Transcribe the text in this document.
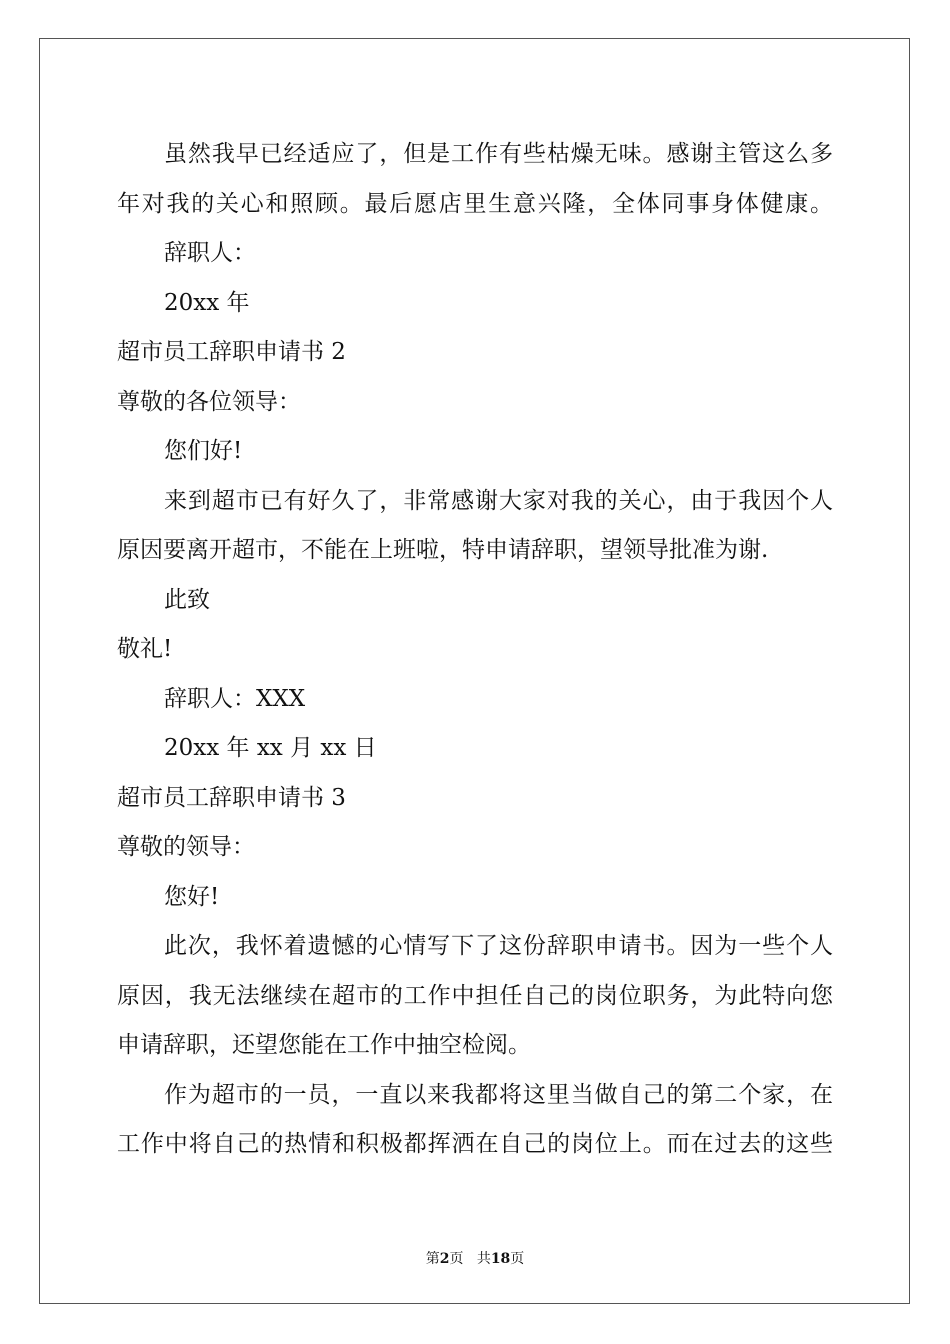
虽然我早已经适应了，但是工作有些枯燥无味。感谢主管这么多
年对我的关心和照顾。最后愿店里生意兴隆，全体同事身体健康。
辞职人：
20xx 年
超市员工辞职申请书 2
尊敬的各位领导：
您们好!
来到超市已有好久了，非常感谢大家对我的关心，由于我因个人
原因要离开超市，不能在上班啦，特申请辞职，望领导批准为谢.
此致
敬礼!
辞职人：XXX
20xx 年 xx 月 xx 日
超市员工辞职申请书 3
尊敬的领导：
您好!
此次，我怀着遗憾的心情写下了这份辞职申请书。因为一些个人
原因，我无法继续在超市的工作中担任自己的岗位职务，为此特向您
申请辞职，还望您能在工作中抽空检阅。
作为超市的一员，一直以来我都将这里当做自己的第二个家，在
工作中将自己的热情和积极都挥洒在自己的岗位上。而在过去的这些
第2页 共18页
